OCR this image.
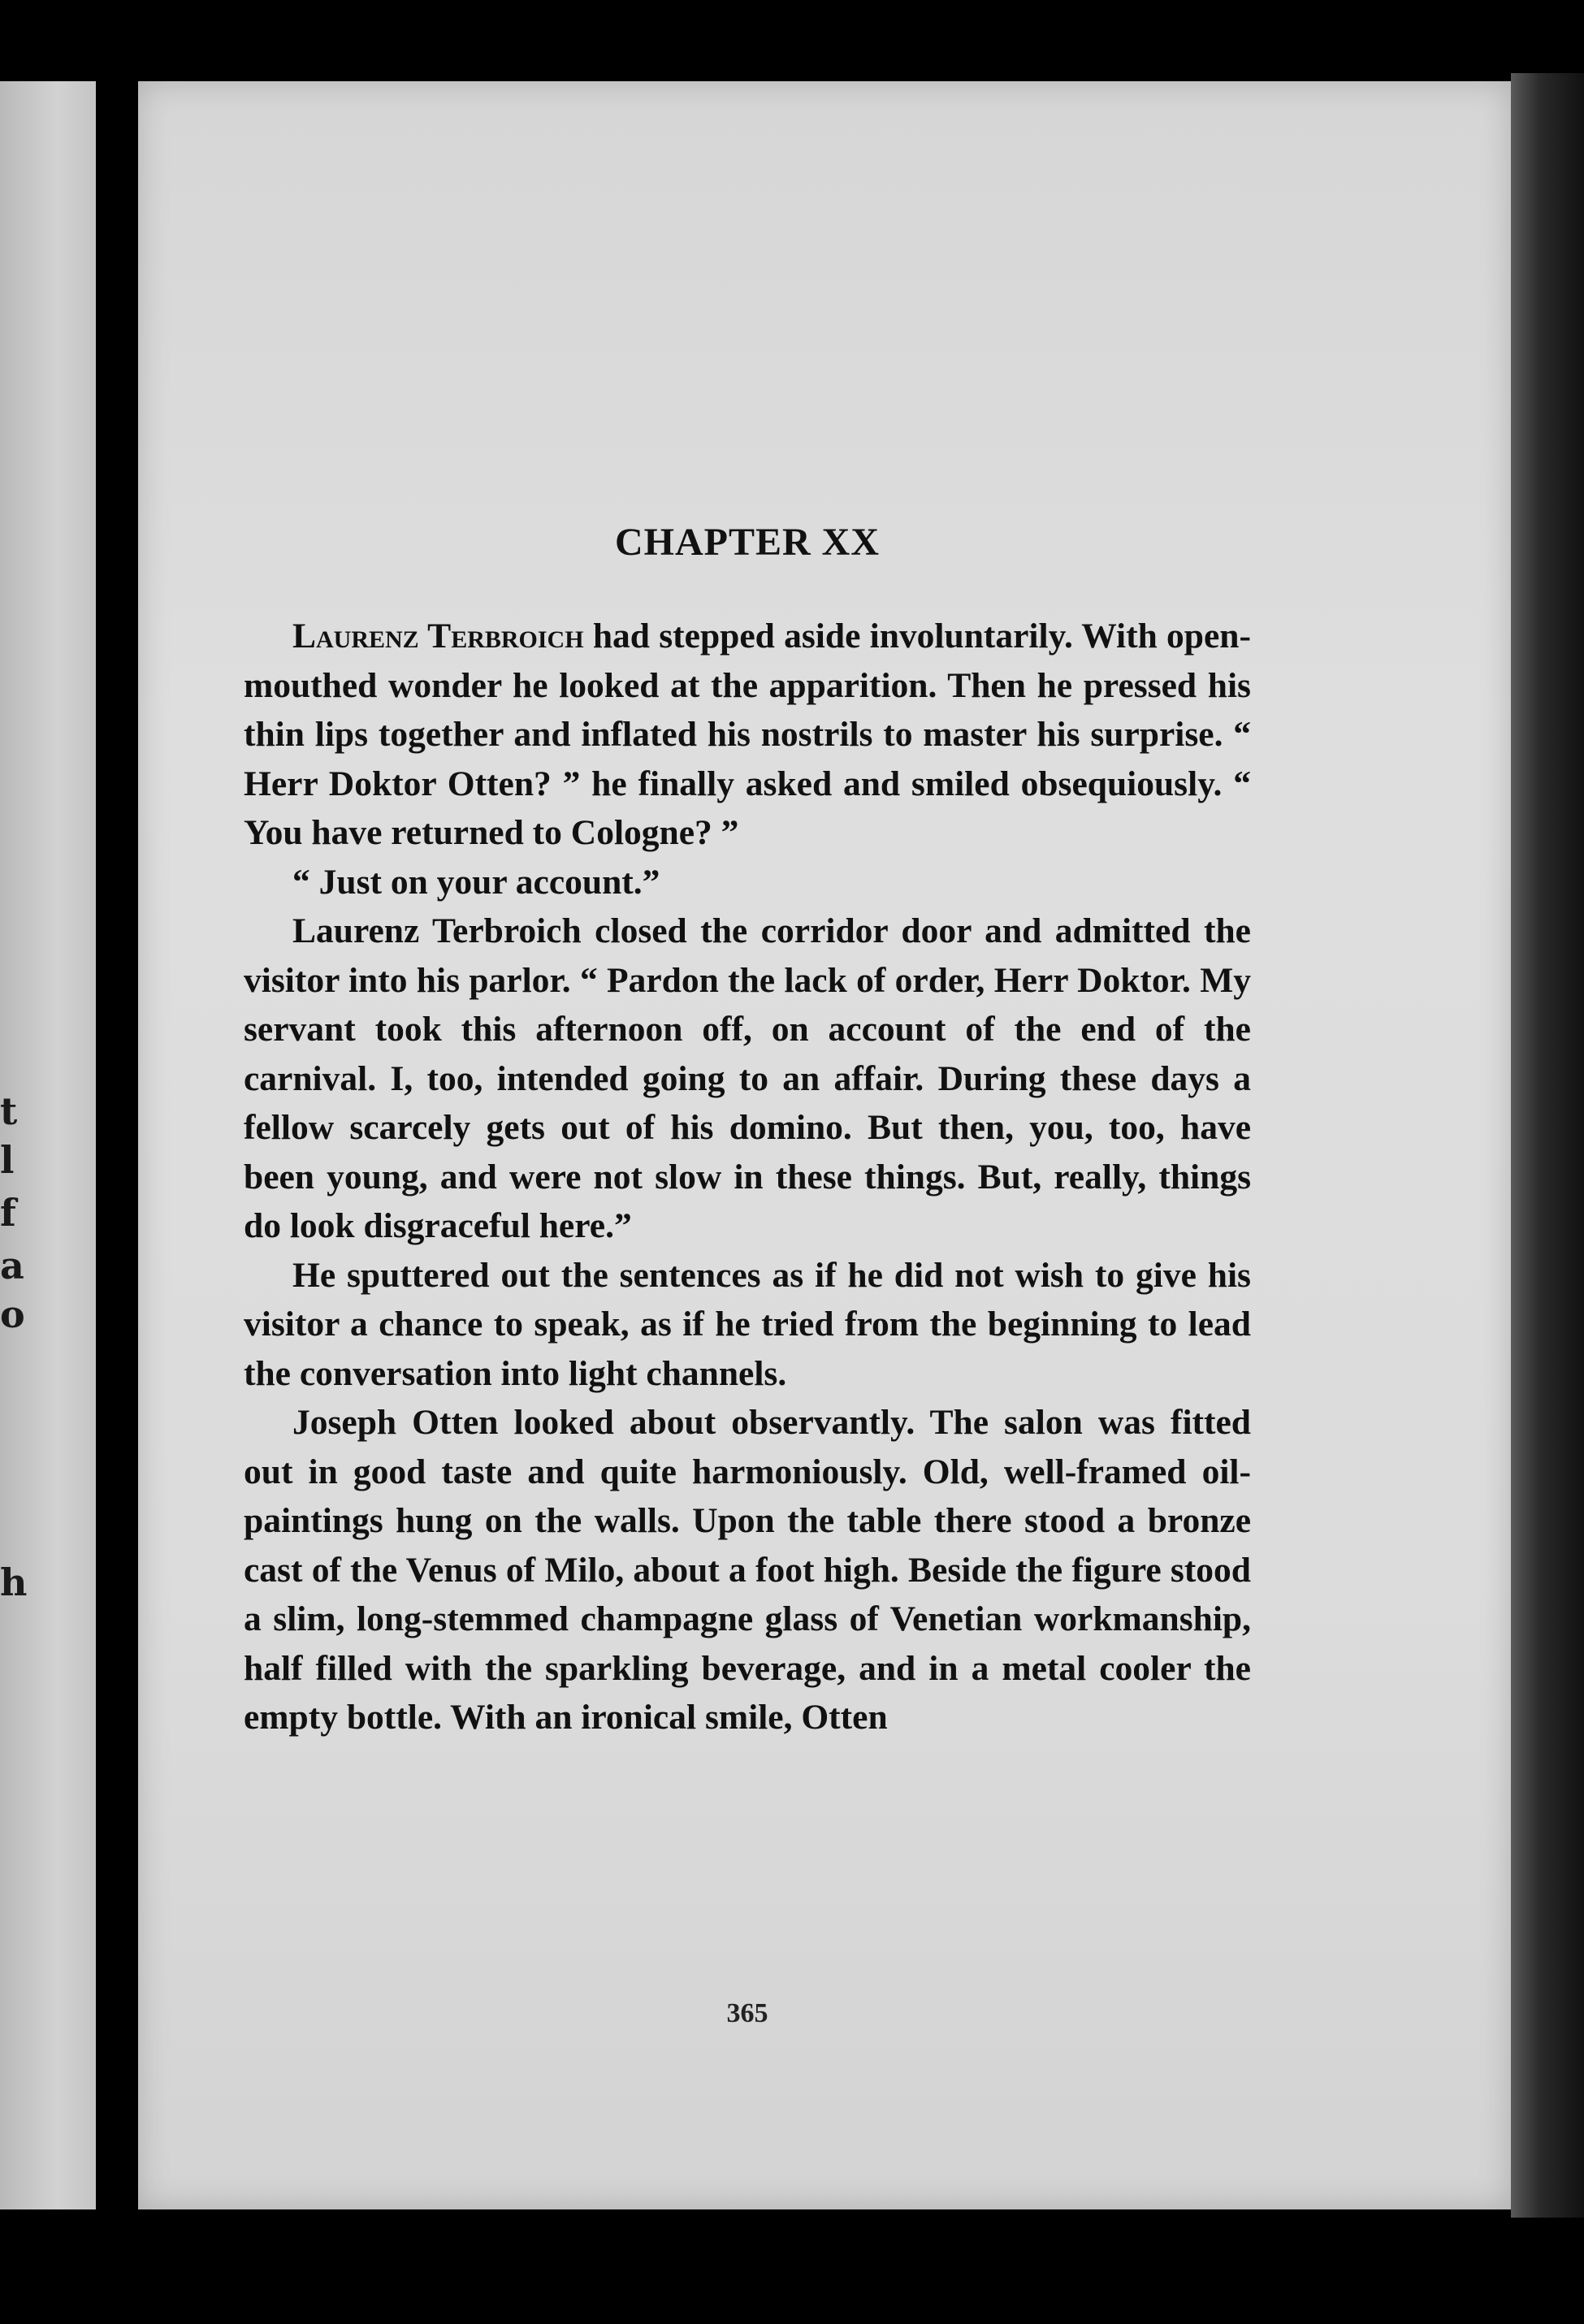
t
l
f
a
o
h
CHAPTER XX

Laurenz Terbroich had stepped aside involuntarily. With open-mouthed wonder he looked at the apparition. Then he pressed his thin lips together and inflated his nostrils to master his surprise. “ Herr Doktor Otten? ” he finally asked and smiled obsequiously. “ You have returned to Cologne? ”

“ Just on your account.”

Laurenz Terbroich closed the corridor door and admitted the visitor into his parlor. “ Pardon the lack of order, Herr Doktor. My servant took this afternoon off, on account of the end of the carnival. I, too, intended going to an affair. During these days a fellow scarcely gets out of his domino. But then, you, too, have been young, and were not slow in these things. But, really, things do look disgraceful here.”

He sputtered out the sentences as if he did not wish to give his visitor a chance to speak, as if he tried from the beginning to lead the conversation into light channels.

Joseph Otten looked about observantly. The salon was fitted out in good taste and quite harmoniously. Old, well-framed oil-paintings hung on the walls. Upon the table there stood a bronze cast of the Venus of Milo, about a foot high. Beside the figure stood a slim, long-stemmed champagne glass of Venetian workmanship, half filled with the sparkling beverage, and in a metal cooler the empty bottle. With an ironical smile, Otten

365
